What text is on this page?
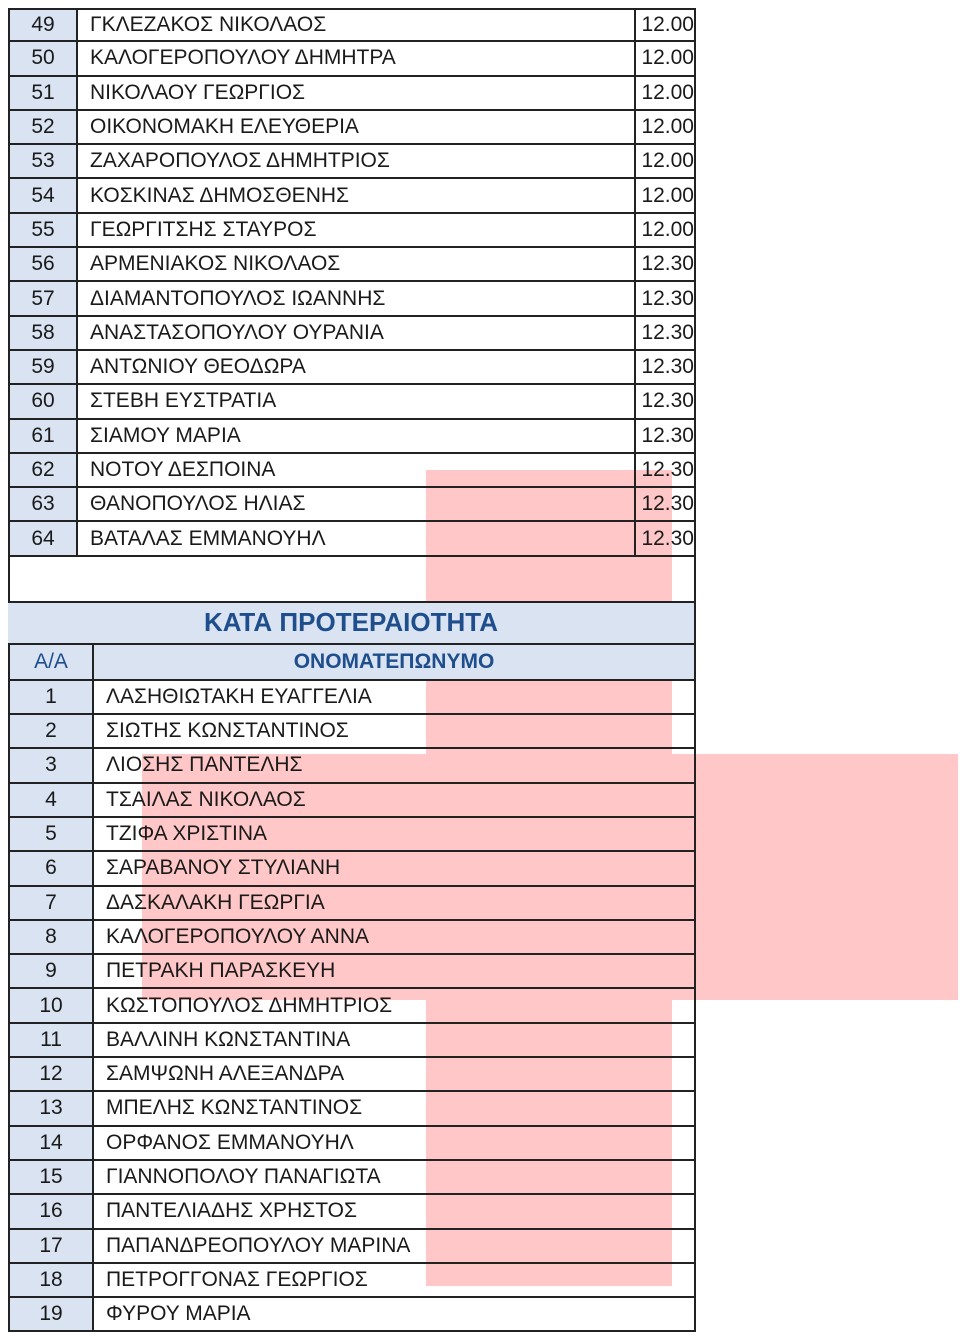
49	ΓΚΛΕΖΑΚΟΣ ΝΙΚΟΛΑΟΣ	12.00
50	ΚΑΛΟΓΕΡΟΠΟΥΛΟΥ ΔΗΜΗΤΡΑ	12.00
51	ΝΙΚΟΛΑΟΥ ΓΕΩΡΓΙΟΣ	12.00
52	ΟΙΚΟΝΟΜΑΚΗ ΕΛΕΥΘΕΡΙΑ	12.00
53	ΖΑΧΑΡΟΠΟΥΛΟΣ ΔΗΜΗΤΡΙΟΣ	12.00
54	ΚΟΣΚΙΝΑΣ ΔΗΜΟΣΘΕΝΗΣ	12.00
55	ΓΕΩΡΓΙΤΣΗΣ ΣΤΑΥΡΟΣ	12.00
56	ΑΡΜΕΝΙΑΚΟΣ ΝΙΚΟΛΑΟΣ	12.30
57	ΔΙΑΜΑΝΤΟΠΟΥΛΟΣ ΙΩΑΝΝΗΣ	12.30
58	ΑΝΑΣΤΑΣΟΠΟΥΛΟΥ ΟΥΡΑΝΙΑ	12.30
59	ΑΝΤΩΝΙΟΥ ΘΕΟΔΩΡΑ	12.30
60	ΣΤΕΒΗ ΕΥΣΤΡΑΤΙΑ	12.30
61	ΣΙΑΜΟΥ ΜΑΡΙΑ	12.30
62	ΝΟΤΟΥ ΔΕΣΠΟΙΝΑ	12.30
63	ΘΑΝΟΠΟΥΛΟΣ ΗΛΙΑΣ	12.30
64	ΒΑΤΑΛΑΣ ΕΜΜΑΝΟΥΗΛ	12.30
ΚΑΤΑ ΠΡΟΤΕΡΑΙΟΤΗΤΑ
Α/Α	ΟΝΟΜΑΤΕΠΩΝΥΜΟ
1	ΛΑΣΗΘΙΩΤΑΚΗ ΕΥΑΓΓΕΛΙΑ
2	ΣΙΩΤΗΣ ΚΩΝΣΤΑΝΤΙΝΟΣ
3	ΛΙΟΣΗΣ ΠΑΝΤΕΛΗΣ
4	ΤΣΑΙΛΑΣ ΝΙΚΟΛΑΟΣ
5	ΤΖΙΦΑ ΧΡΙΣΤΙΝΑ
6	ΣΑΡΑΒΑΝΟΥ ΣΤΥΛΙΑΝΗ
7	ΔΑΣΚΑΛΑΚΗ ΓΕΩΡΓΙΑ
8	ΚΑΛΟΓΕΡΟΠΟΥΛΟΥ ΑΝΝΑ
9	ΠΕΤΡΑΚΗ ΠΑΡΑΣΚΕΥΗ
10	ΚΩΣΤΟΠΟΥΛΟΣ ΔΗΜΗΤΡΙΟΣ
11	ΒΑΛΛΙΝΗ ΚΩΝΣΤΑΝΤΙΝΑ
12	ΣΑΜΨΩΝΗ ΑΛΕΞΑΝΔΡΑ
13	ΜΠΕΛΗΣ ΚΩΝΣΤΑΝΤΙΝΟΣ
14	ΟΡΦΑΝΟΣ ΕΜΜΑΝΟΥΗΛ
15	ΓΙΑΝΝΟΠΟΛΟΥ ΠΑΝΑΓΙΩΤΑ
16	ΠΑΝΤΕΛΙΑΔΗΣ ΧΡΗΣΤΟΣ
17	ΠΑΠΑΝΔΡΕΟΠΟΥΛΟΥ ΜΑΡΙΝΑ
18	ΠΕΤΡΟΓΓΟΝΑΣ ΓΕΩΡΓΙΟΣ
19	ΦΥΡΟΥ ΜΑΡΙΑ
